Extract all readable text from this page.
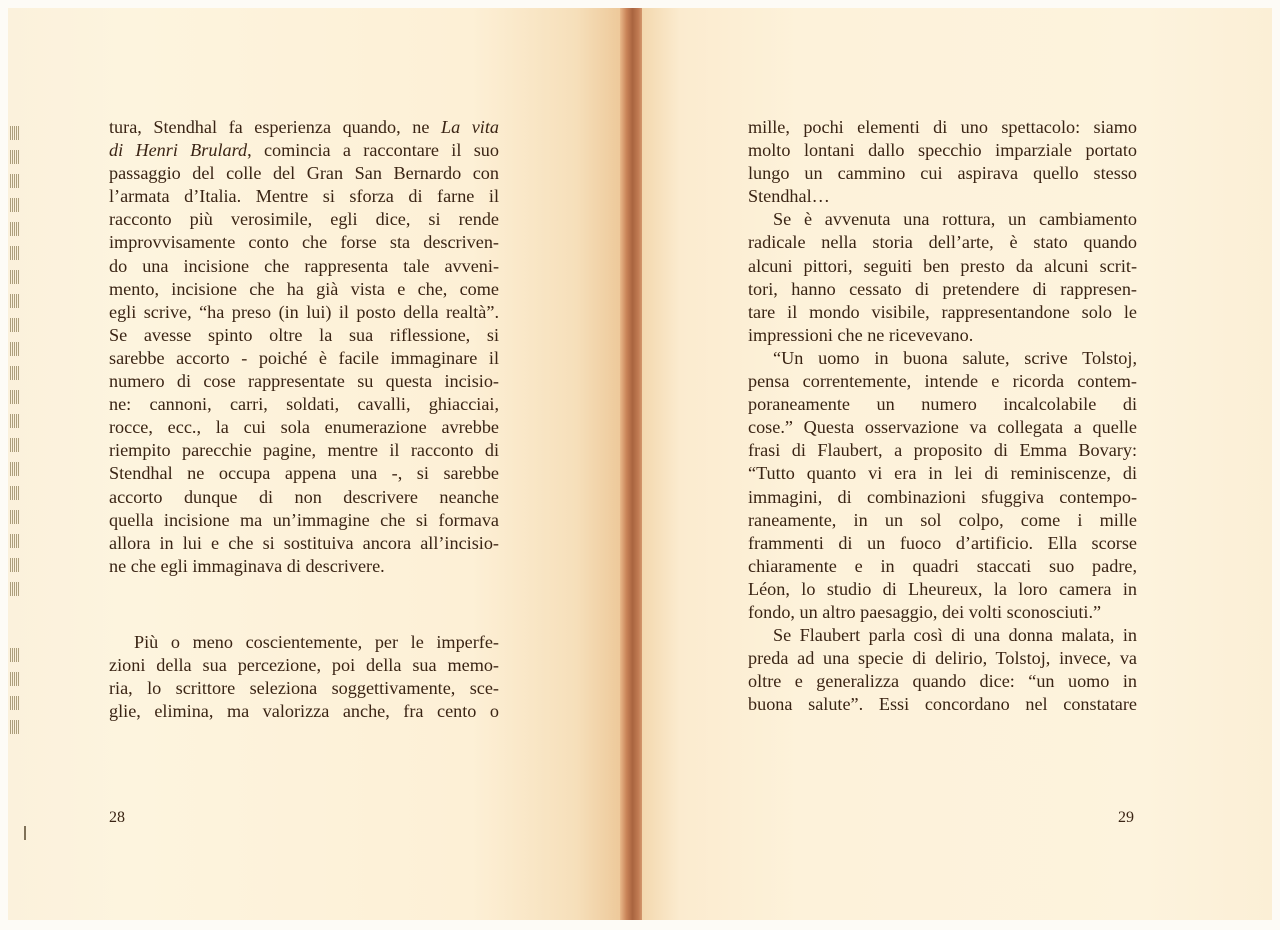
tura, Stendhal fa esperienza quando, ne La vita
di Henri Brulard, comincia a raccontare il suo
passaggio del colle del Gran San Bernardo con
l’armata d’Italia. Mentre si sforza di farne il
racconto più verosimile, egli dice, si rende
improvvisamente conto che forse sta descriven-
do una incisione che rappresenta tale avveni-
mento, incisione che ha già vista e che, come
egli scrive, “ha preso (in lui) il posto della realtà”.
Se avesse spinto oltre la sua riflessione, si
sarebbe accorto - poiché è facile immaginare il
numero di cose rappresentate su questa incisio-
ne: cannoni, carri, soldati, cavalli, ghiacciai,
rocce, ecc., la cui sola enumerazione avrebbe
riempito parecchie pagine, mentre il racconto di
Stendhal ne occupa appena una -, si sarebbe
accorto dunque di non descrivere neanche
quella incisione ma un’immagine che si formava
allora in lui e che si sostituiva ancora all’incisio-
ne che egli immaginava di descrivere.
Più o meno coscientemente, per le imperfe-
zioni della sua percezione, poi della sua memo-
ria, lo scrittore seleziona soggettivamente, sce-
glie, elimina, ma valorizza anche, fra cento o
28
mille, pochi elementi di uno spettacolo: siamo
molto lontani dallo specchio imparziale portato
lungo un cammino cui aspirava quello stesso
Stendhal…
Se è avvenuta una rottura, un cambiamento
radicale nella storia dell’arte, è stato quando
alcuni pittori, seguiti ben presto da alcuni scrit-
tori, hanno cessato di pretendere di rappresen-
tare il mondo visibile, rappresentandone solo le
impressioni che ne ricevevano.
“Un uomo in buona salute, scrive Tolstoj,
pensa correntemente, intende e ricorda contem-
poraneamente un numero incalcolabile di
cose.” Questa osservazione va collegata a quelle
frasi di Flaubert, a proposito di Emma Bovary:
“Tutto quanto vi era in lei di reminiscenze, di
immagini, di combinazioni sfuggiva contempo-
raneamente, in un sol colpo, come i mille
frammenti di un fuoco d’artificio. Ella scorse
chiaramente e in quadri staccati suo padre,
Léon, lo studio di Lheureux, la loro camera in
fondo, un altro paesaggio, dei volti sconosciuti.”
Se Flaubert parla così di una donna malata, in
preda ad una specie di delirio, Tolstoj, invece, va
oltre e generalizza quando dice: “un uomo in
buona salute”. Essi concordano nel constatare
29
